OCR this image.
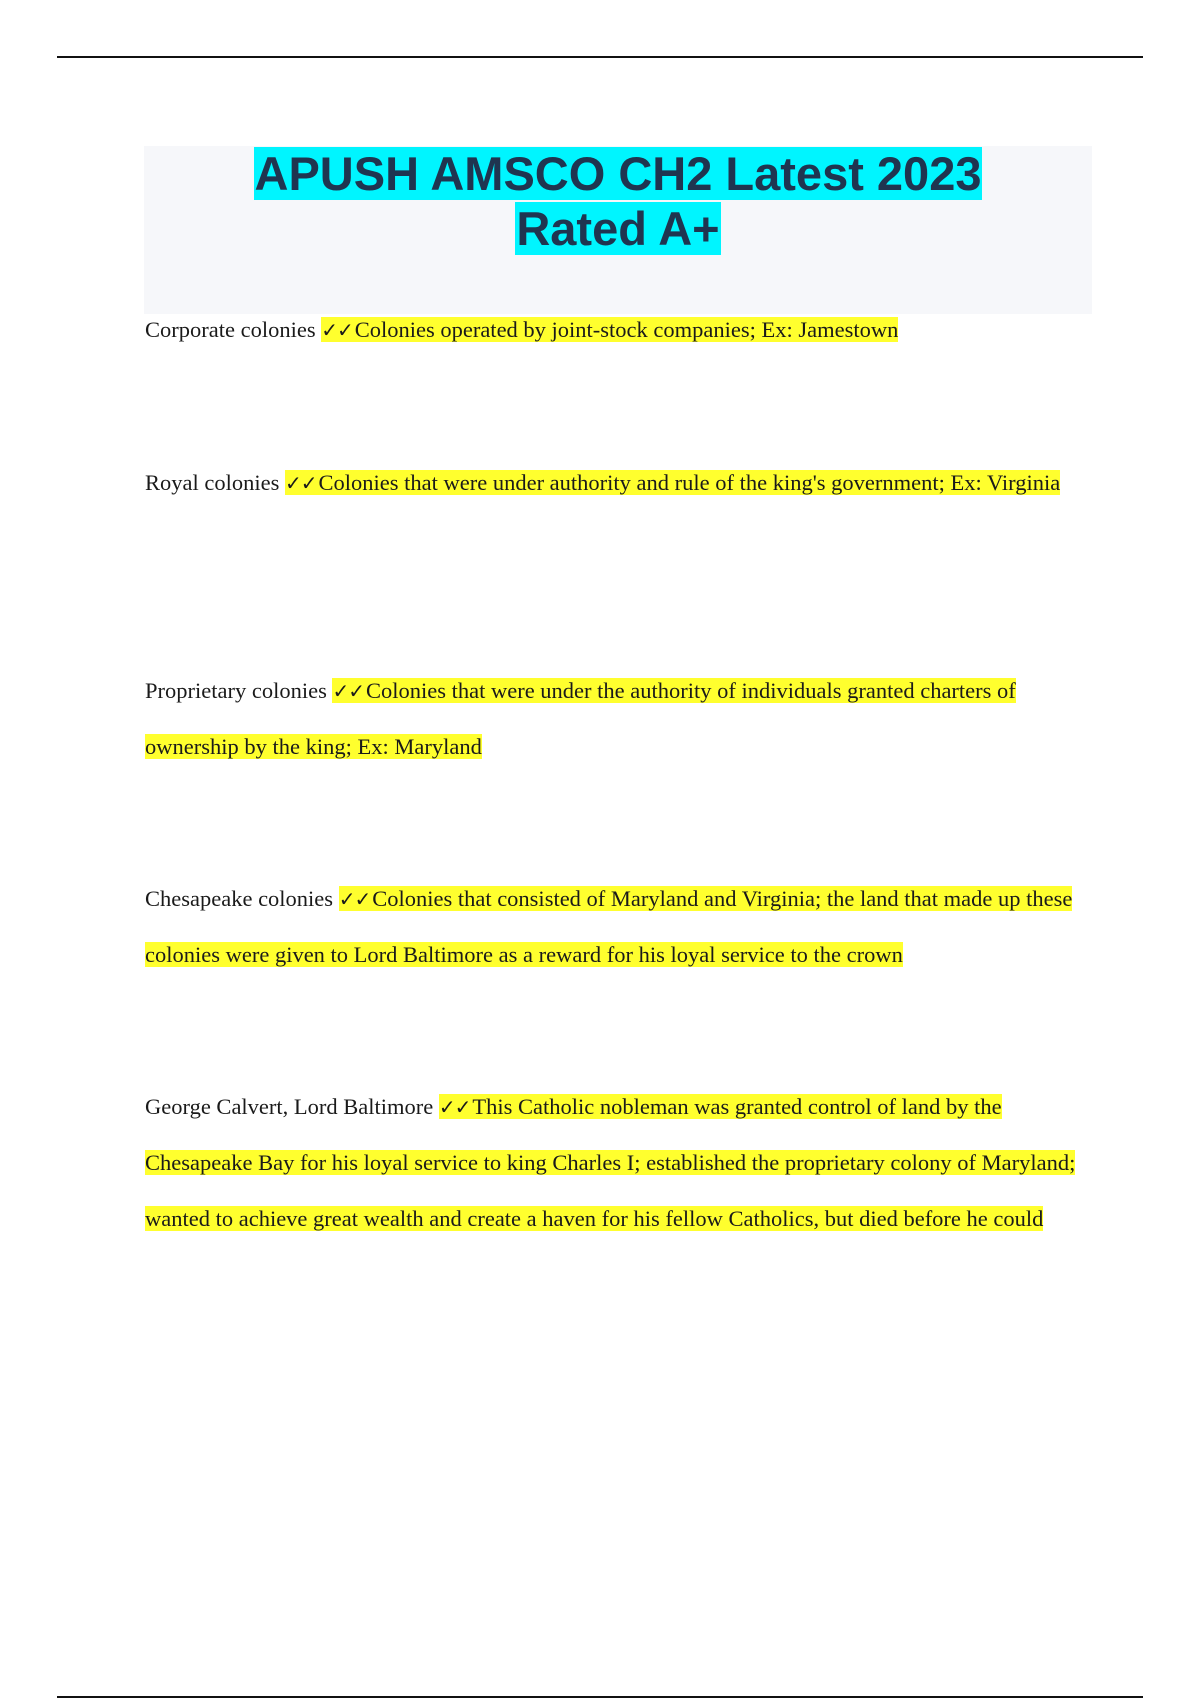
APUSH AMSCO CH2 Latest 2023
Rated A+
Corporate colonies ✓✓Colonies operated by joint-stock companies; Ex: Jamestown
Royal colonies ✓✓Colonies that were under authority and rule of the king's government; Ex: Virginia
Proprietary colonies ✓✓Colonies that were under the authority of individuals granted charters of ownership by the king; Ex: Maryland
Chesapeake colonies ✓✓Colonies that consisted of Maryland and Virginia; the land that made up these colonies were given to Lord Baltimore as a reward for his loyal service to the crown
George Calvert, Lord Baltimore ✓✓This Catholic nobleman was granted control of land by the Chesapeake Bay for his loyal service to king Charles I; established the proprietary colony of Maryland; wanted to achieve great wealth and create a haven for his fellow Catholics, but died before he could
